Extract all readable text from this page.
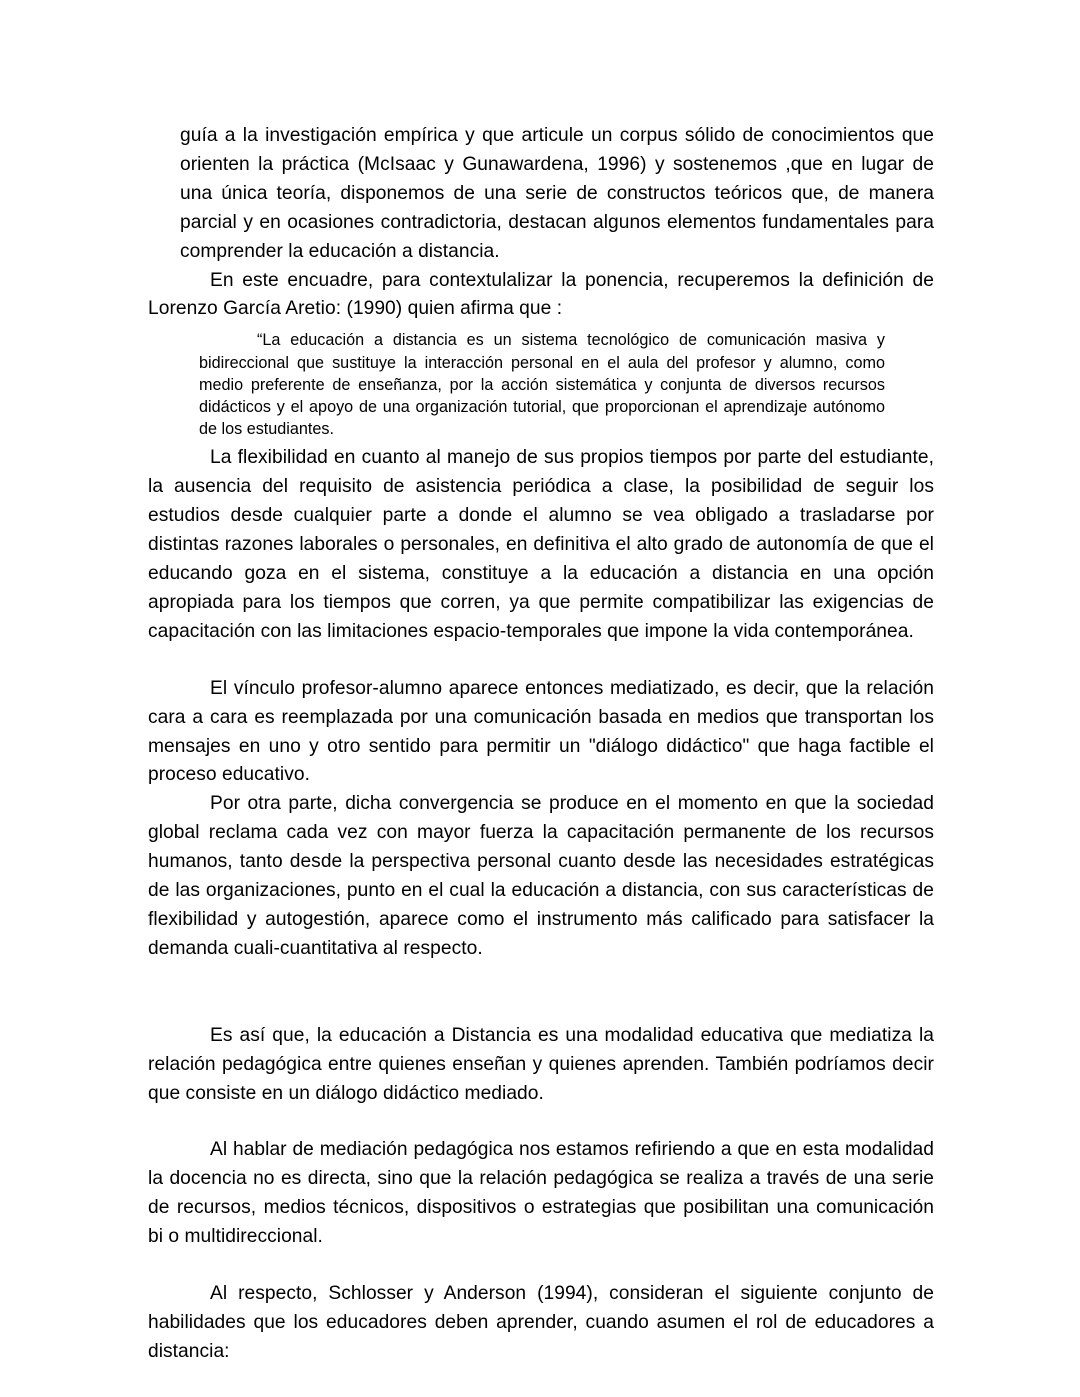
guía a la investigación empírica y que articule un corpus sólido de conocimientos que orienten la práctica (McIsaac y Gunawardena, 1996) y sostenemos ,que en lugar de una única teoría, disponemos de una serie de constructos teóricos que, de manera parcial y en ocasiones contradictoria, destacan algunos elementos fundamentales para comprender la educación a distancia.

En este encuadre, para contextulalizar la ponencia, recuperemos la definición de Lorenzo García Aretio: (1990) quien afirma que :

“La educación a distancia es un sistema tecnológico de comunicación masiva y bidireccional que sustituye la interacción personal en el aula del profesor y alumno, como medio preferente de enseñanza, por la acción sistemática y conjunta de diversos recursos didácticos y el apoyo de una organización tutorial, que proporcionan el aprendizaje autónomo de los estudiantes.

La flexibilidad en cuanto al manejo de sus propios tiempos por parte del estudiante, la ausencia del requisito de asistencia periódica a clase, la posibilidad de seguir los estudios desde cualquier parte a donde el alumno se vea obligado a trasladarse por distintas razones laborales o personales, en definitiva el alto grado de autonomía de que el educando goza en el sistema, constituye a la educación a distancia en una opción apropiada para los tiempos que corren, ya que permite compatibilizar las exigencias de capacitación con las limitaciones espacio-temporales que impone la vida contemporánea.

El vínculo profesor-alumno aparece entonces mediatizado, es decir, que la relación cara a cara es reemplazada por una comunicación basada en medios que transportan los mensajes en uno y otro sentido para permitir un "diálogo didáctico" que haga factible el proceso educativo.

Por otra parte, dicha convergencia se produce en el momento en que la sociedad global reclama cada vez con mayor fuerza la capacitación permanente de los recursos humanos, tanto desde la perspectiva personal cuanto desde las necesidades estratégicas de las organizaciones, punto en el cual la educación a distancia, con sus características de flexibilidad y autogestión, aparece como el instrumento más calificado para satisfacer la demanda cuali-cuantitativa al respecto.

Es así que, la educación a Distancia es una modalidad educativa que mediatiza la relación pedagógica entre quienes enseñan y quienes aprenden. También podríamos decir que consiste en un diálogo didáctico mediado.

Al hablar de mediación pedagógica nos estamos refiriendo a que en esta modalidad la docencia no es directa, sino que la relación pedagógica se realiza a través de una serie de recursos, medios técnicos, dispositivos o estrategias que posibilitan una comunicación bi o multidireccional.

Al respecto, Schlosser y Anderson (1994), consideran el siguiente conjunto de habilidades que los educadores deben aprender, cuando asumen el rol de educadores a distancia:
